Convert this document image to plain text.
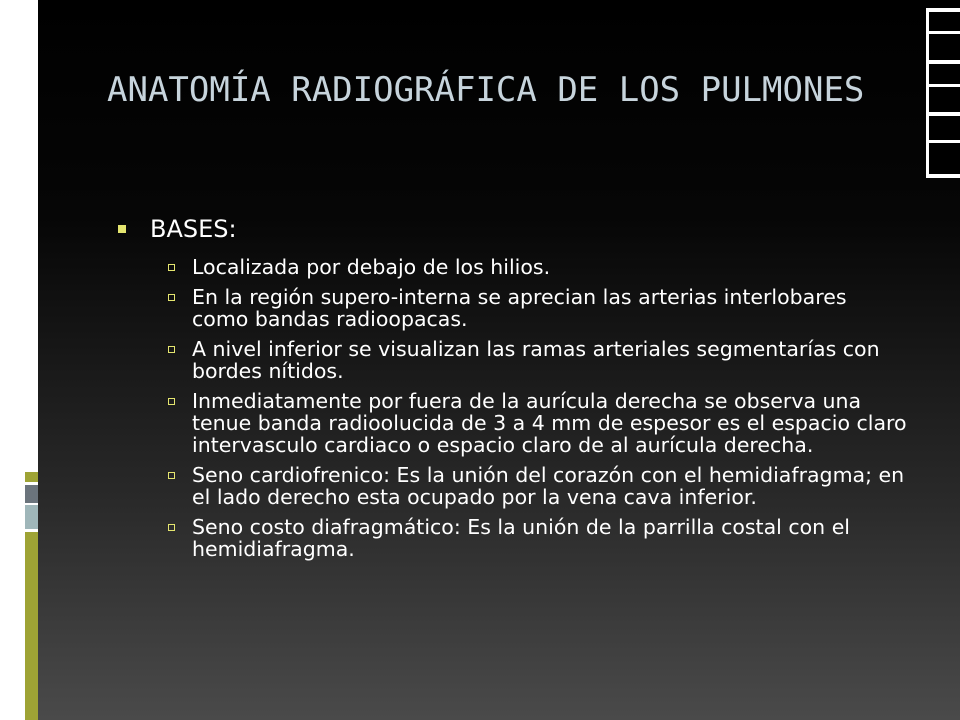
ANATOMÍA RADIOGRÁFICA DE LOS PULMONES
BASES:
Localizada por debajo de los hilios.
En la región supero-interna se aprecian las arterias interlobares como bandas radioopacas.
A nivel inferior se visualizan las ramas arteriales segmentarías con bordes nítidos.
Inmediatamente por fuera de la aurícula derecha se observa una tenue banda radioolucida de 3 a 4 mm de espesor es el espacio claro intervasculo cardiaco o espacio claro de al aurícula derecha.
Seno cardiofrenico: Es la unión del corazón con el hemidiafragma; en el lado derecho esta ocupado por la vena cava inferior.
Seno costo diafragmático: Es la unión de la parrilla costal con el hemidiafragma.
